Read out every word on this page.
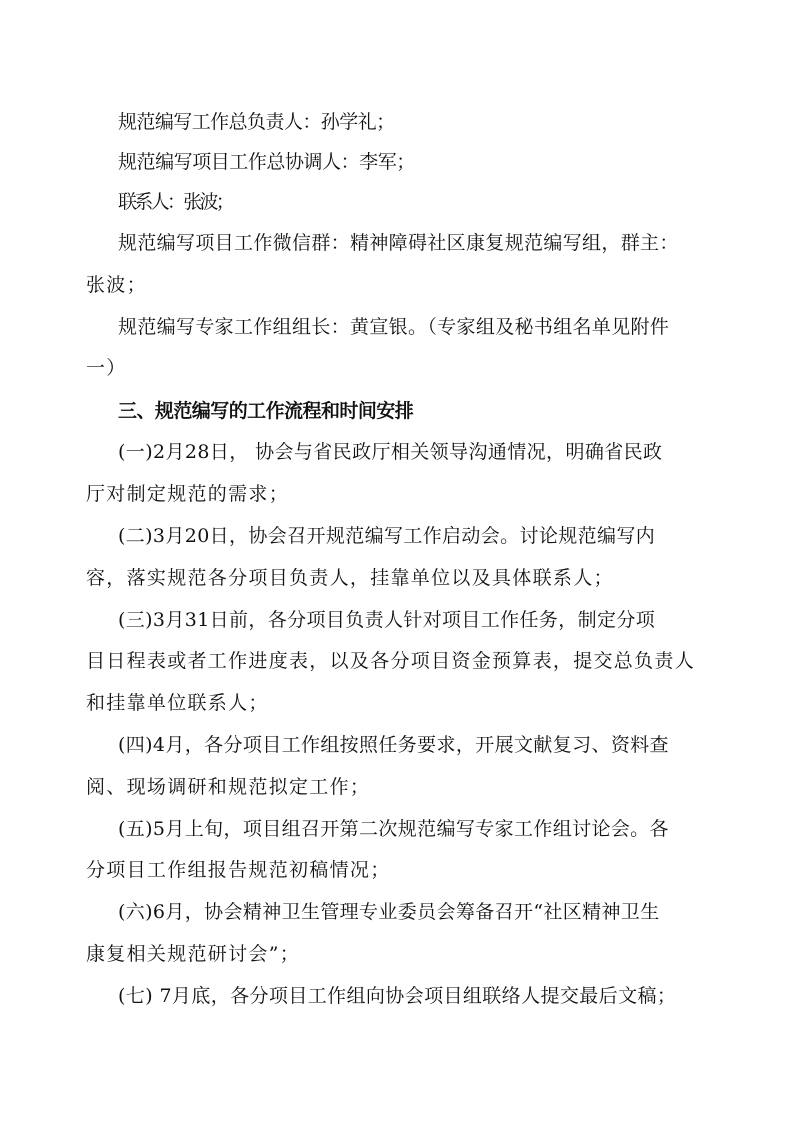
规范编写工作总负责人：孙学礼；
规范编写项目工作总协调人：李军；
联系人：张波；
规范编写项目工作微信群：精神障碍社区康复规范编写组，群主：
张波；
规范编写专家工作组组长：黄宣银。（专家组及秘书组名单见附件
一）
三、规范编写的工作流程和时间安排
(一)2月28日， 协会与省民政厅相关领导沟通情况，明确省民政
厅对制定规范的需求；
(二)3月20日，协会召开规范编写工作启动会。讨论规范编写内
容，落实规范各分项目负责人，挂靠单位以及具体联系人；
(三)3月31日前，各分项目负责人针对项目工作任务，制定分项
目日程表或者工作进度表，以及各分项目资金预算表，提交总负责人
和挂靠单位联系人；
(四)4月，各分项目工作组按照任务要求，开展文献复习、资料查
阅、现场调研和规范拟定工作；
(五)5月上旬，项目组召开第二次规范编写专家工作组讨论会。各
分项目工作组报告规范初稿情况；
(六)6月，协会精神卫生管理专业委员会筹备召开“社区精神卫生
康复相关规范研讨会”；
(七) 7月底，各分项目工作组向协会项目组联络人提交最后文稿；
